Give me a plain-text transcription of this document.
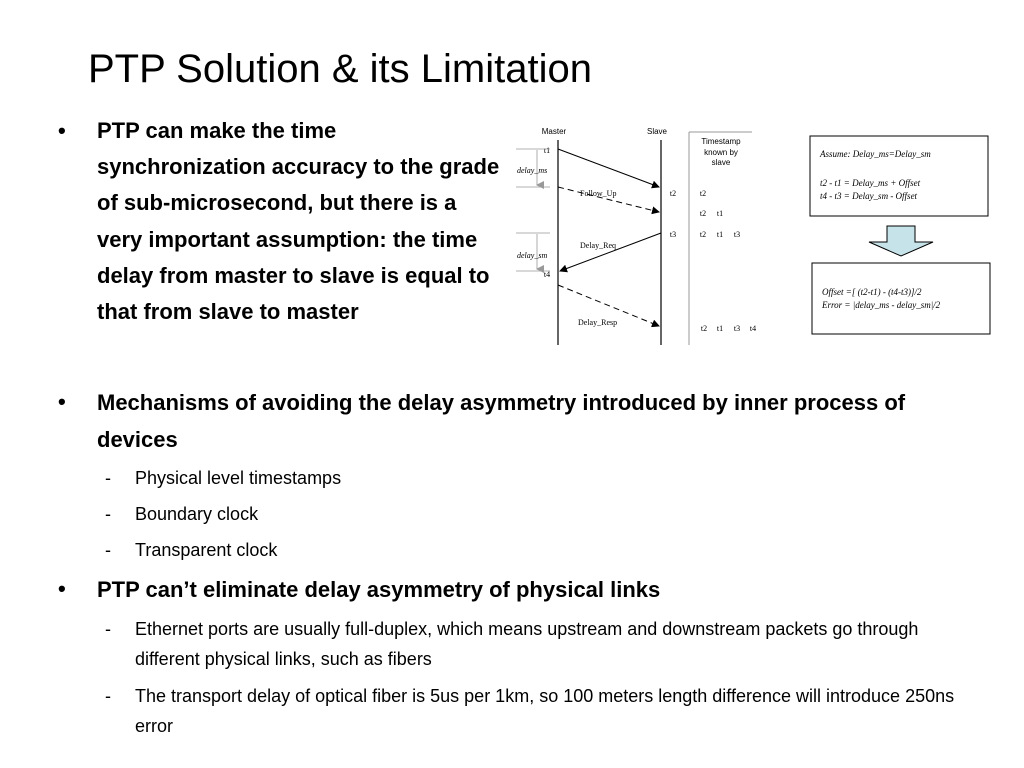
PTP Solution & its Limitation
• PTP can make the time synchronization accuracy to the grade of sub-microsecond, but there is a very important assumption: the time delay from master to slave is equal to that from slave to master

Master	Slave
Timestamp
known by
slave
t1
delay_ms
Follow_Up	t2	t2
t2 t1
t3	t2 t1 t3
Delay_Req
delay_sm
t4
Delay_Resp
t2 t1 t3 t4
Assume: Delay_ms=Delay_sm
t2 - t1 = Delay_ms + Offset
t4 - t3 = Delay_sm - Offset
Offset =[ (t2-t1) - (t4-t3)]/2
Error = |delay_ms - delay_sm|/2
• Mechanisms of avoiding the delay asymmetry introduced by inner process of devices

- Physical level timestamps

- Boundary clock

- Transparent clock

• PTP can’t eliminate delay asymmetry of physical links

- Ethernet ports are usually full-duplex, which means upstream and downstream packets go through different physical links, such as fibers

- The transport delay of optical fiber is 5us per 1km, so 100 meters length difference will introduce 250ns error
